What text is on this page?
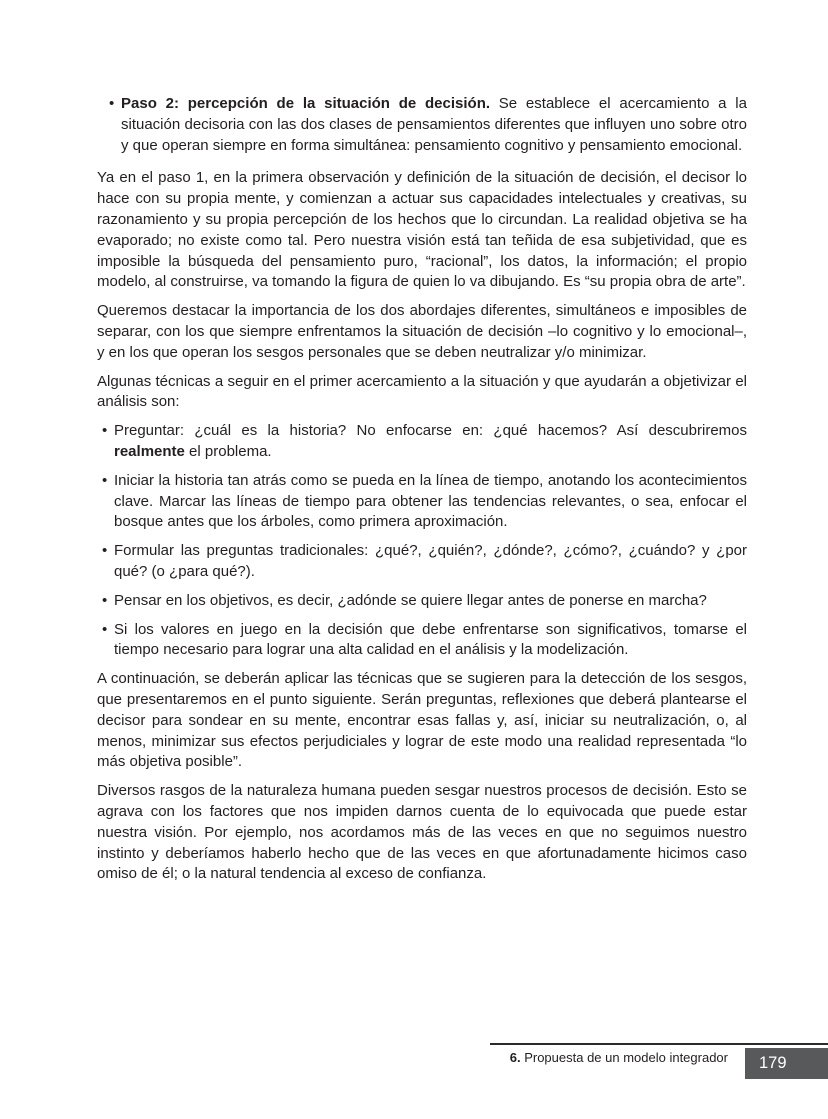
• Paso 2: percepción de la situación de decisión. Se establece el acercamiento a la situación decisoria con las dos clases de pensamientos diferentes que influyen uno sobre otro y que operan siempre en forma simultánea: pensamiento cognitivo y pensamiento emocional.

Ya en el paso 1, en la primera observación y definición de la situación de decisión, el decisor lo hace con su propia mente, y comienzan a actuar sus capacidades intelectuales y creativas, su razonamiento y su propia percepción de los hechos que lo circundan. La realidad objetiva se ha evaporado; no existe como tal. Pero nuestra visión está tan teñida de esa subjetividad, que es imposible la búsqueda del pensamiento puro, “racional”, los datos, la información; el propio modelo, al construirse, va tomando la figura de quien lo va dibujando. Es “su propia obra de arte”.

Queremos destacar la importancia de los dos abordajes diferentes, simultáneos e imposibles de separar, con los que siempre enfrentamos la situación de decisión –lo cognitivo y lo emocional–, y en los que operan los sesgos personales que se deben neutralizar y/o minimizar.

Algunas técnicas a seguir en el primer acercamiento a la situación y que ayudarán a objetivizar el análisis son:

• Preguntar: ¿cuál es la historia? No enfocarse en: ¿qué hacemos? Así descubriremos realmente el problema.
• Iniciar la historia tan atrás como se pueda en la línea de tiempo, anotando los acontecimientos clave. Marcar las líneas de tiempo para obtener las tendencias relevantes, o sea, enfocar el bosque antes que los árboles, como primera aproximación.
• Formular las preguntas tradicionales: ¿qué?, ¿quién?, ¿dónde?, ¿cómo?, ¿cuándo? y ¿por qué? (o ¿para qué?).
• Pensar en los objetivos, es decir, ¿adónde se quiere llegar antes de ponerse en marcha?
• Si los valores en juego en la decisión que debe enfrentarse son significativos, tomarse el tiempo necesario para lograr una alta calidad en el análisis y la modelización.

A continuación, se deberán aplicar las técnicas que se sugieren para la detección de los sesgos, que presentaremos en el punto siguiente. Serán preguntas, reflexiones que deberá plantearse el decisor para sondear en su mente, encontrar esas fallas y, así, iniciar su neutralización, o, al menos, minimizar sus efectos perjudiciales y lograr de este modo una realidad representada “lo más objetiva posible”.

Diversos rasgos de la naturaleza humana pueden sesgar nuestros procesos de decisión. Esto se agrava con los factores que nos impiden darnos cuenta de lo equivocada que puede estar nuestra visión. Por ejemplo, nos acordamos más de las veces en que no seguimos nuestro instinto y deberíamos haberlo hecho que de las veces en que afortunadamente hicimos caso omiso de él; o la natural tendencia al exceso de confianza.

6. Propuesta de un modelo integrador 179
